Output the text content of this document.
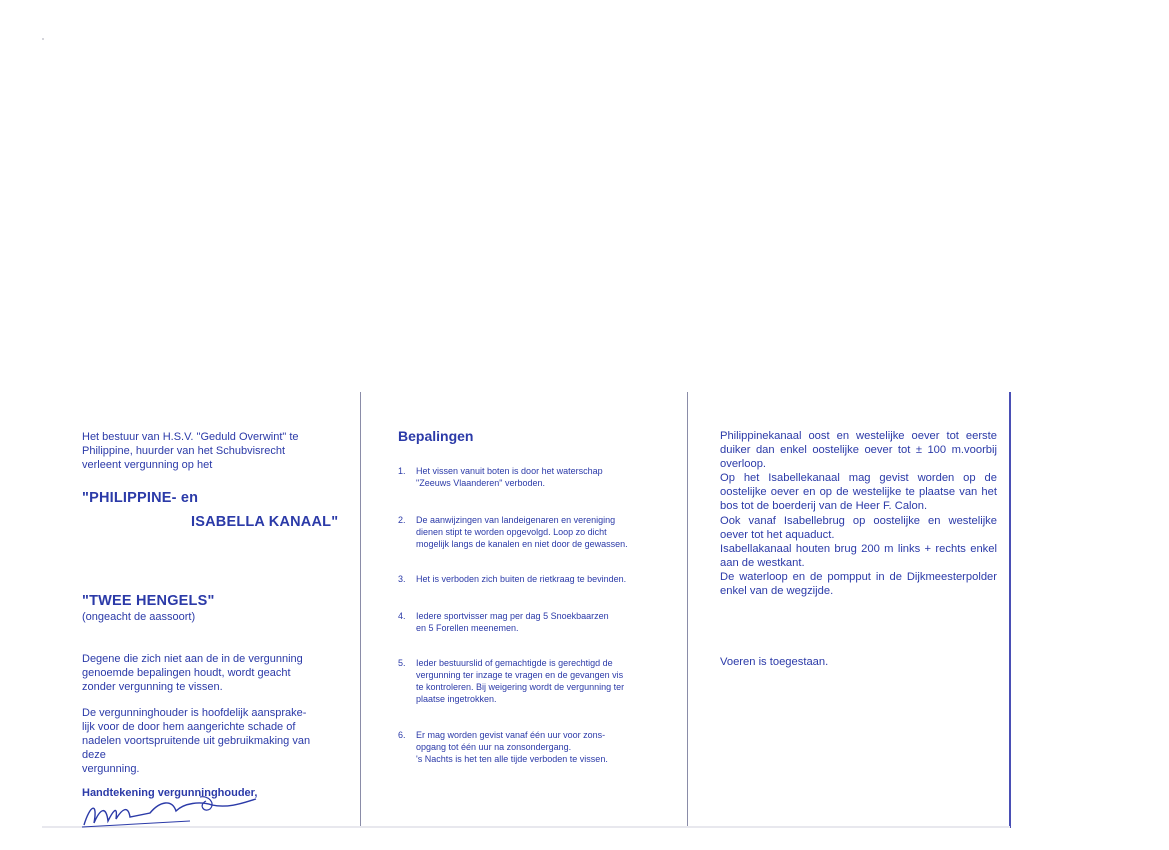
Het bestuur van H.S.V. "Geduld Overwint" te
Philippine, huurder van het Schubvisrecht
verleent vergunning op het
"PHILIPPINE- en
ISABELLA KANAAL"
"TWEE HENGELS"
(ongeacht de aassoort)
Degene die zich niet aan de in de vergunning
genoemde bepalingen houdt, wordt geacht
zonder vergunning te vissen.
De vergunninghouder is hoofdelijk aansprake-
lijk voor de door hem aangerichte schade of
nadelen voortspruitende uit gebruikmaking van
deze
vergunning.
Handtekening vergunninghouder,
Bepalingen
1. Het vissen vanuit boten is door het waterschap
"Zeeuws Vlaanderen" verboden.
2. De aanwijzingen van landeigenaren en vereniging
dienen stipt te worden opgevolgd. Loop zo dicht
mogelijk langs de kanalen en niet door de gewassen.
3. Het is verboden zich buiten de rietkraag te bevinden.
4. Iedere sportvisser mag per dag 5 Snoekbaarzen
en 5 Forellen meenemen.
5. Ieder bestuurslid of gemachtigde is gerechtigd de
vergunning ter inzage te vragen en de gevangen vis
te kontroleren. Bij weigering wordt de vergunning ter
plaatse ingetrokken.
6. Er mag worden gevist vanaf één uur voor zons-
opgang tot één uur na zonsondergang.
's Nachts is het ten alle tijde verboden te vissen.
Philippinekanaal oost en westelijke oever tot eerste duiker dan enkel oostelijke oever tot ± 100 m.voorbij overloop.
Op het Isabellekanaal mag gevist worden op de oostelijke oever en op de westelijke te plaatse van het bos tot de boerderij van de Heer F. Calon.
Ook vanaf Isabellebrug op oostelijke en westelijke oever tot het aquaduct.
Isabellakanaal houten brug 200 m links + rechts enkel aan de westkant.
De waterloop en de pompput in de Dijkmeesterpolder enkel van de wegzijde.
Voeren is toegestaan.
